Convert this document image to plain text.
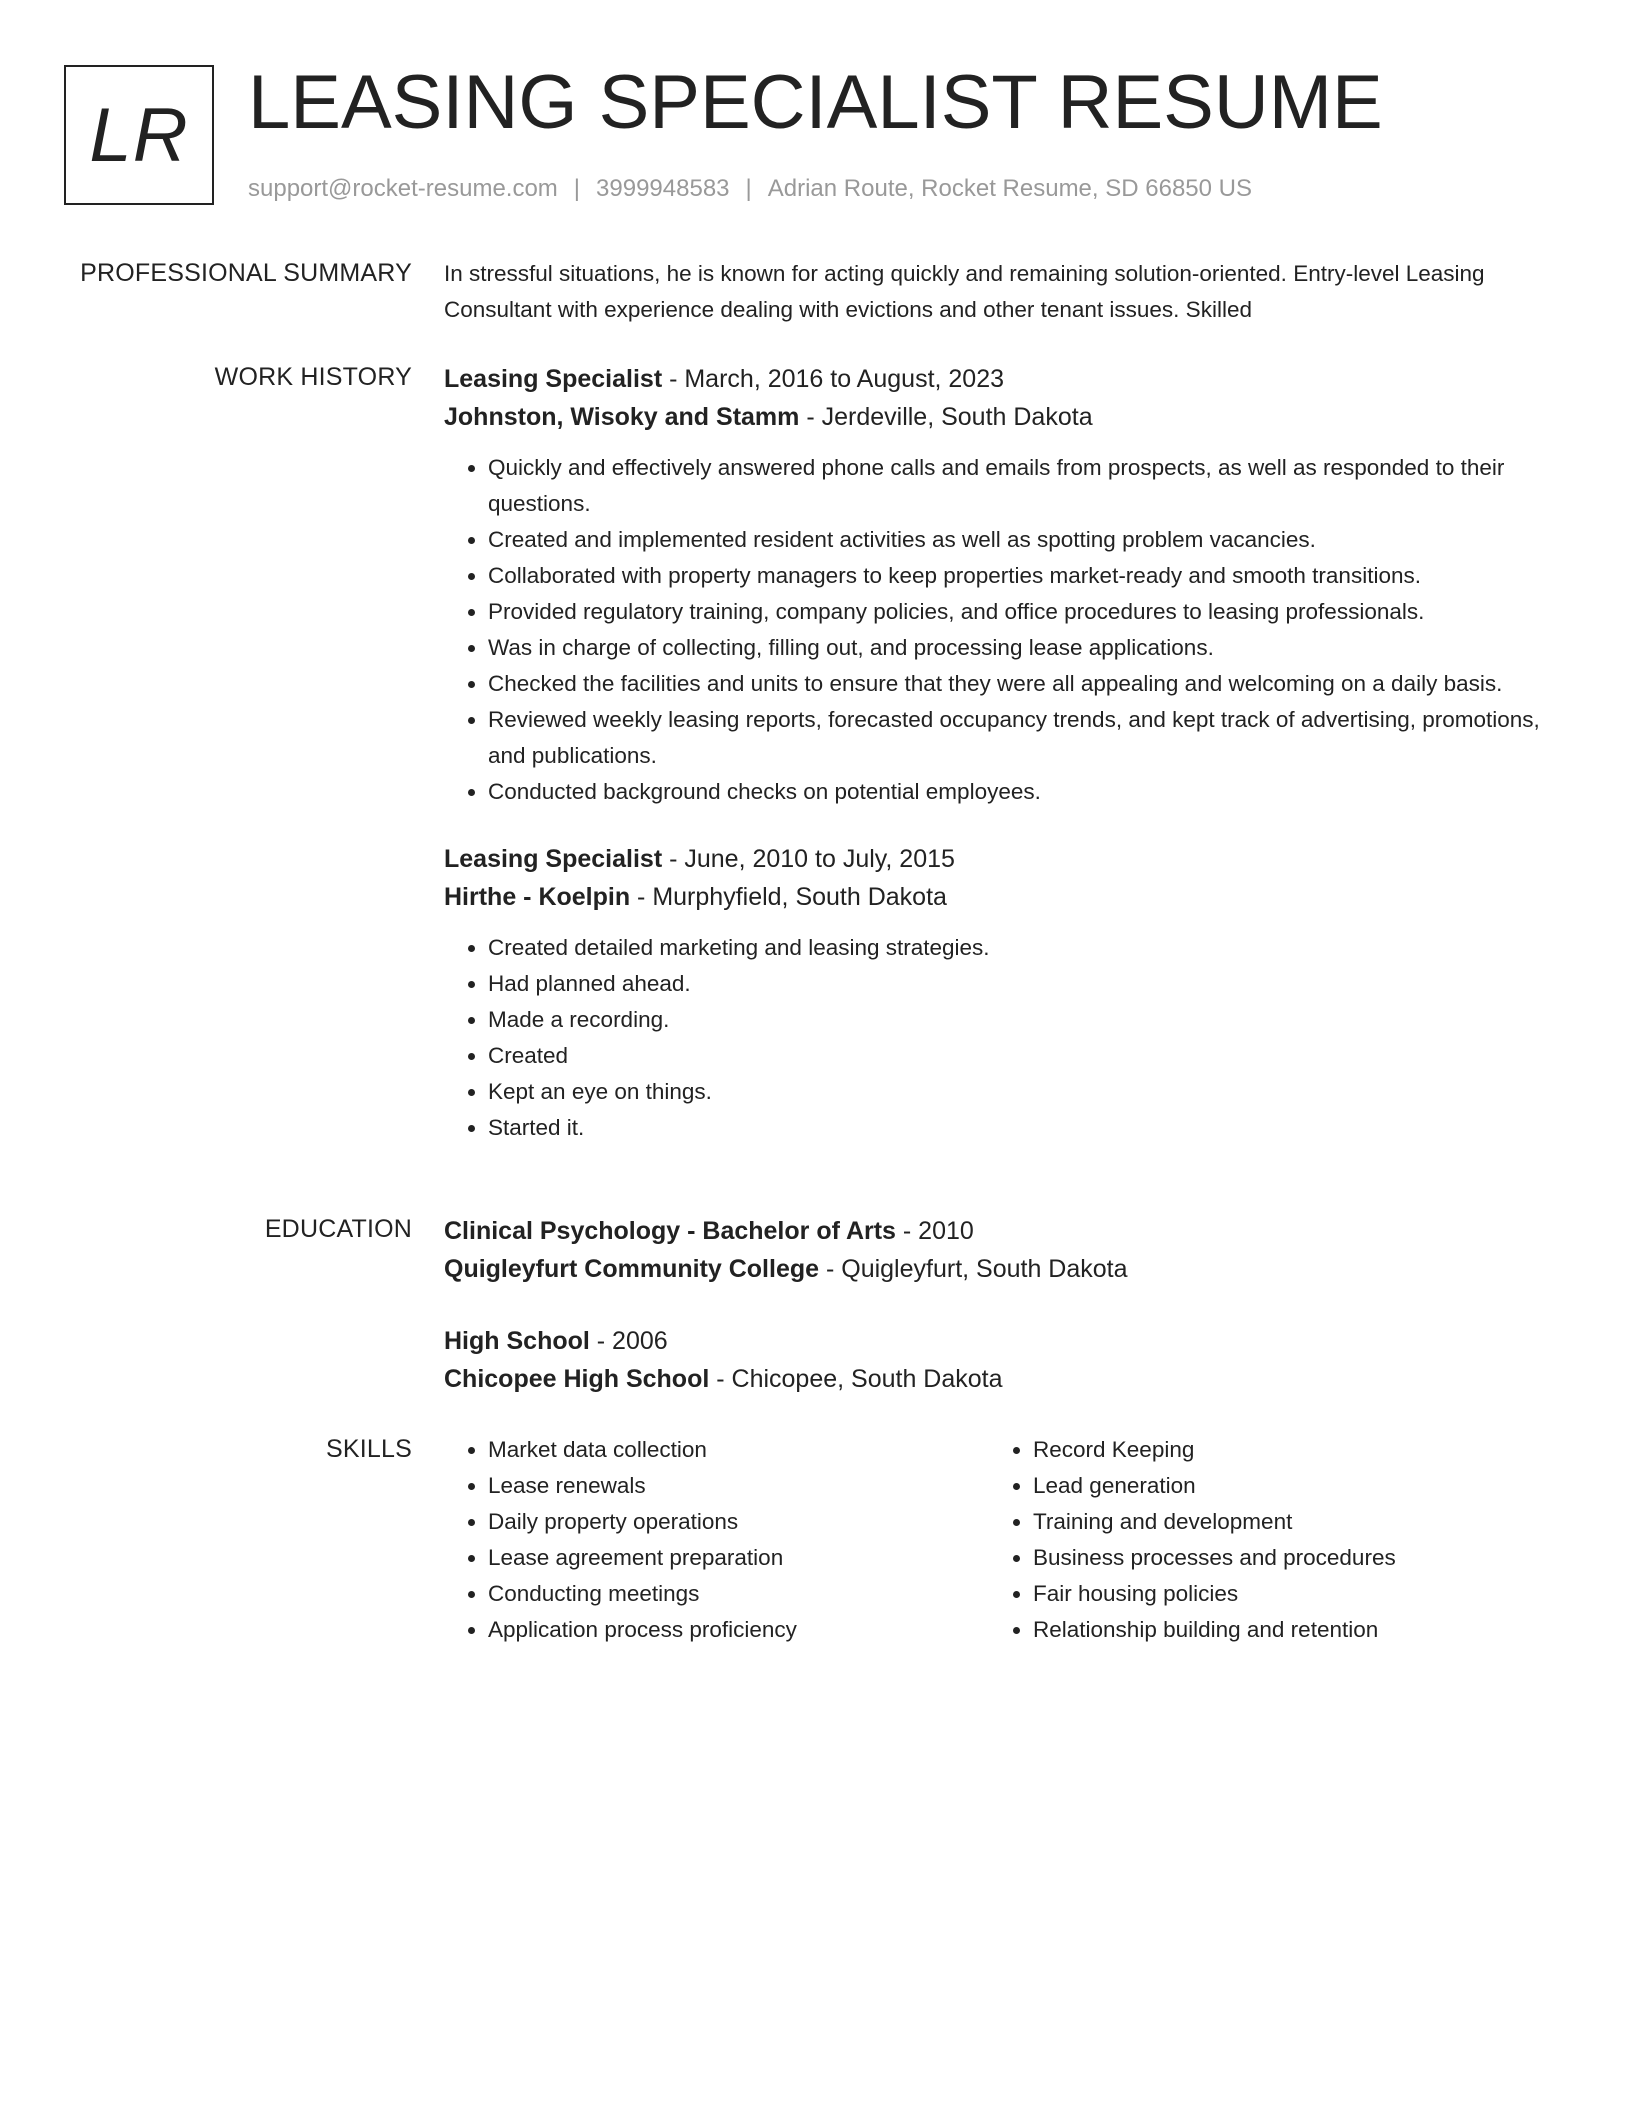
LR LEASING SPECIALIST RESUME
support@rocket-resume.com | 3999948583 | Adrian Route, Rocket Resume, SD 66850 US
PROFESSIONAL SUMMARY In stressful situations, he is known for acting quickly and remaining solution-oriented. Entry-level Leasing Consultant with experience dealing with evictions and other tenant issues. Skilled

WORK HISTORY Leasing Specialist - March, 2016 to August, 2023

Johnston, Wisoky and Stamm - Jerdeville, South Dakota

• Quickly and effectively answered phone calls and emails from prospects, as well as responded to their questions.
• Created and implemented resident activities as well as spotting problem vacancies.
• Collaborated with property managers to keep properties market-ready and smooth transitions.
• Provided regulatory training, company policies, and office procedures to leasing professionals.
• Was in charge of collecting, filling out, and processing lease applications.
• Checked the facilities and units to ensure that they were all appealing and welcoming on a daily basis.
• Reviewed weekly leasing reports, forecasted occupancy trends, and kept track of advertising, promotions, and publications.
• Conducted background checks on potential employees.

Leasing Specialist - June, 2010 to July, 2015

Hirthe - Koelpin - Murphyfield, South Dakota

• Created detailed marketing and leasing strategies.
• Had planned ahead.
• Made a recording.
• Created
• Kept an eye on things.
• Started it.
EDUCATION Clinical Psychology - Bachelor of Arts - 2010

Quigleyfurt Community College - Quigleyfurt, South Dakota

High School - 2006

Chicopee High School - Chicopee, South Dakota

SKILLS
•	Market data collection
• Lease renewals
• Daily property operations
• Lease agreement preparation
• Conducting meetings
• Application process proficiency
• Record Keeping
• Lead generation
• Training and development
• Business processes and procedures
• Fair housing policies
• Relationship building and retention
